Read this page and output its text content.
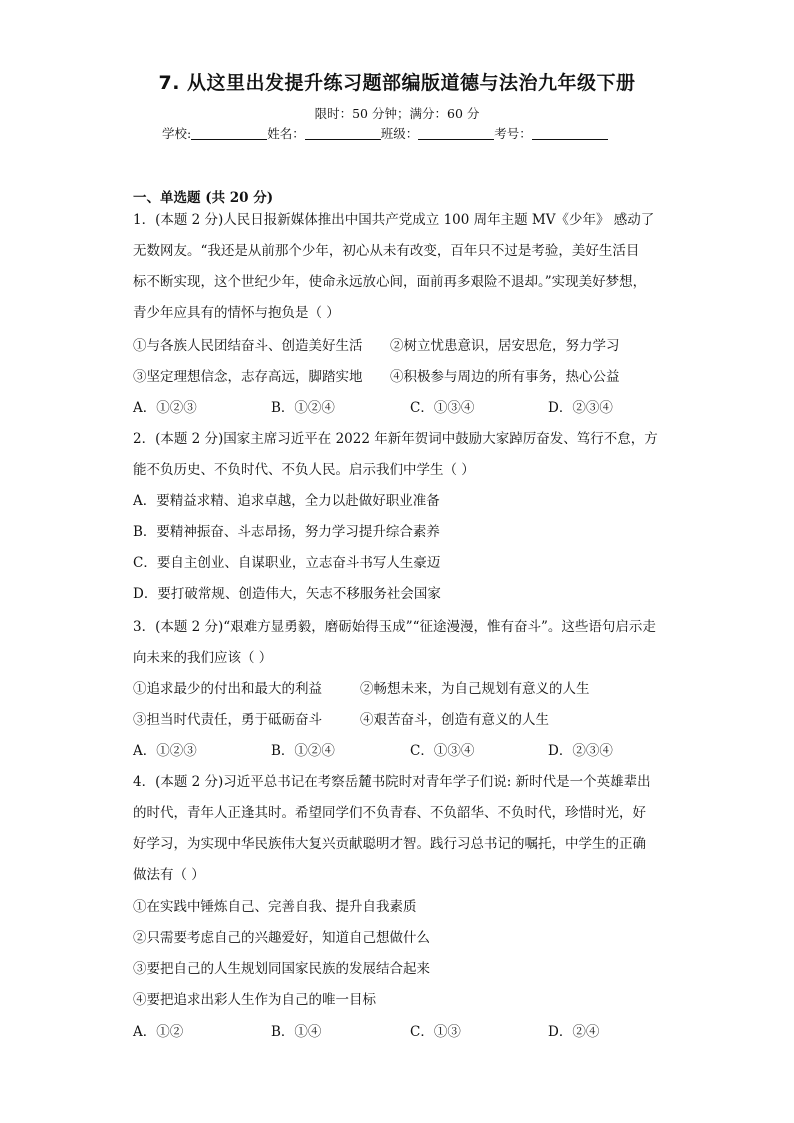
7. 从这里出发提升练习题部编版道德与法治九年级下册
限时：50 分钟；满分：60 分
学校:	姓名：	班级：	考号：
一、单选题 (共 20 分)
1．(本题 2 分)人民日报新媒体推出中国共产党成立 100 周年主题 MV《少年》 感动了
无数网友。“我还是从前那个少年，初心从未有改变，百年只不过是考验，美好生活目
标不断实现，这个世纪少年，使命永远放心间，面前再多艰险不退却。”实现美好梦想，
青少年应具有的情怀与抱负是（ ）
①与各族人民团结奋斗、创造美好生活 ②树立忧患意识，居安思危，努力学习
③坚定理想信念，志存高远，脚踏实地 ④积极参与周边的所有事务，热心公益
A．①②③	B．①②④	C．①③④	D．②③④
2．(本题 2 分)国家主席习近平在 2022 年新年贺词中鼓励大家踔厉奋发、笃行不怠，方
能不负历史、不负时代、不负人民。启示我们中学生（ ）
A．要精益求精、追求卓越，全力以赴做好职业准备
B．要精神振奋、斗志昂扬，努力学习提升综合素养
C．要自主创业、自谋职业，立志奋斗书写人生豪迈
D．要打破常规、创造伟大，矢志不移服务社会国家
3．(本题 2 分)“艰难方显勇毅，磨砺始得玉成”“征途漫漫，惟有奋斗”。这些语句启示走
向未来的我们应该（ ）
①追求最少的付出和最大的利益	②畅想未来，为自己规划有意义的人生
③担当时代责任，勇于砥砺奋斗	④艰苦奋斗，创造有意义的人生
A．①②③	B．①②④	C．①③④	D．②③④
4．(本题 2 分)习近平总书记在考察岳麓书院时对青年学子们说: 新时代是一个英雄辈出
的时代，青年人正逢其时。希望同学们不负青春、不负韶华、不负时代，珍惜时光，好
好学习，为实现中华民族伟大复兴贡献聪明才智。践行习总书记的嘱托，中学生的正确
做法有（ ）
①在实践中锤炼自己、完善自我、提升自我素质
②只需要考虑自己的兴趣爱好，知道自己想做什么
③要把自己的人生规划同国家民族的发展结合起来
④要把追求出彩人生作为自己的唯一目标
A．①②	B．①④	C．①③	D．②④
